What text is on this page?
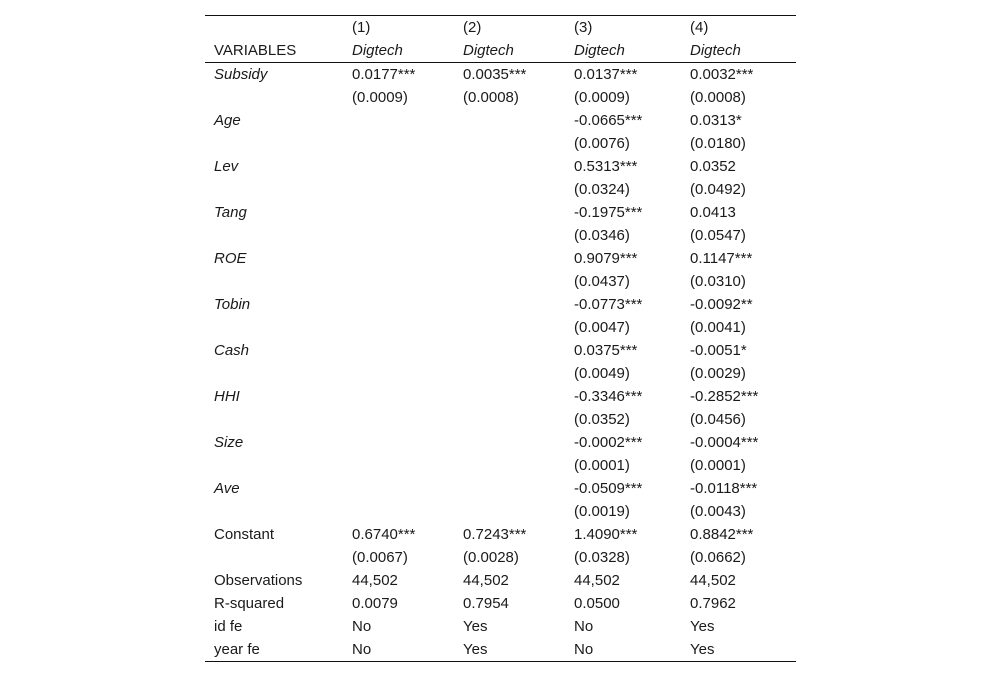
	(1)	(2)	(3)	(4)
VARIABLES	Digtech	Digtech	Digtech	Digtech
Subsidy	0.0177***	0.0035***	0.0137***	0.0032***
	(0.0009)	(0.0008)	(0.0009)	(0.0008)
Age			-0.0665***	0.0313*
			(0.0076)	(0.0180)
Lev			0.5313***	0.0352
			(0.0324)	(0.0492)
Tang			-0.1975***	0.0413
			(0.0346)	(0.0547)
ROE			0.9079***	0.1147***
			(0.0437)	(0.0310)
Tobin			-0.0773***	-0.0092**
			(0.0047)	(0.0041)
Cash			0.0375***	-0.0051*
			(0.0049)	(0.0029)
HHI			-0.3346***	-0.2852***
			(0.0352)	(0.0456)
Size			-0.0002***	-0.0004***
			(0.0001)	(0.0001)
Ave			-0.0509***	-0.0118***
			(0.0019)	(0.0043)
Constant	0.6740***	0.7243***	1.4090***	0.8842***
	(0.0067)	(0.0028)	(0.0328)	(0.0662)
Observations	44,502	44,502	44,502	44,502
R-squared	0.0079	0.7954	0.0500	0.7962
id fe	No	Yes	No	Yes
year fe	No	Yes	No	Yes
